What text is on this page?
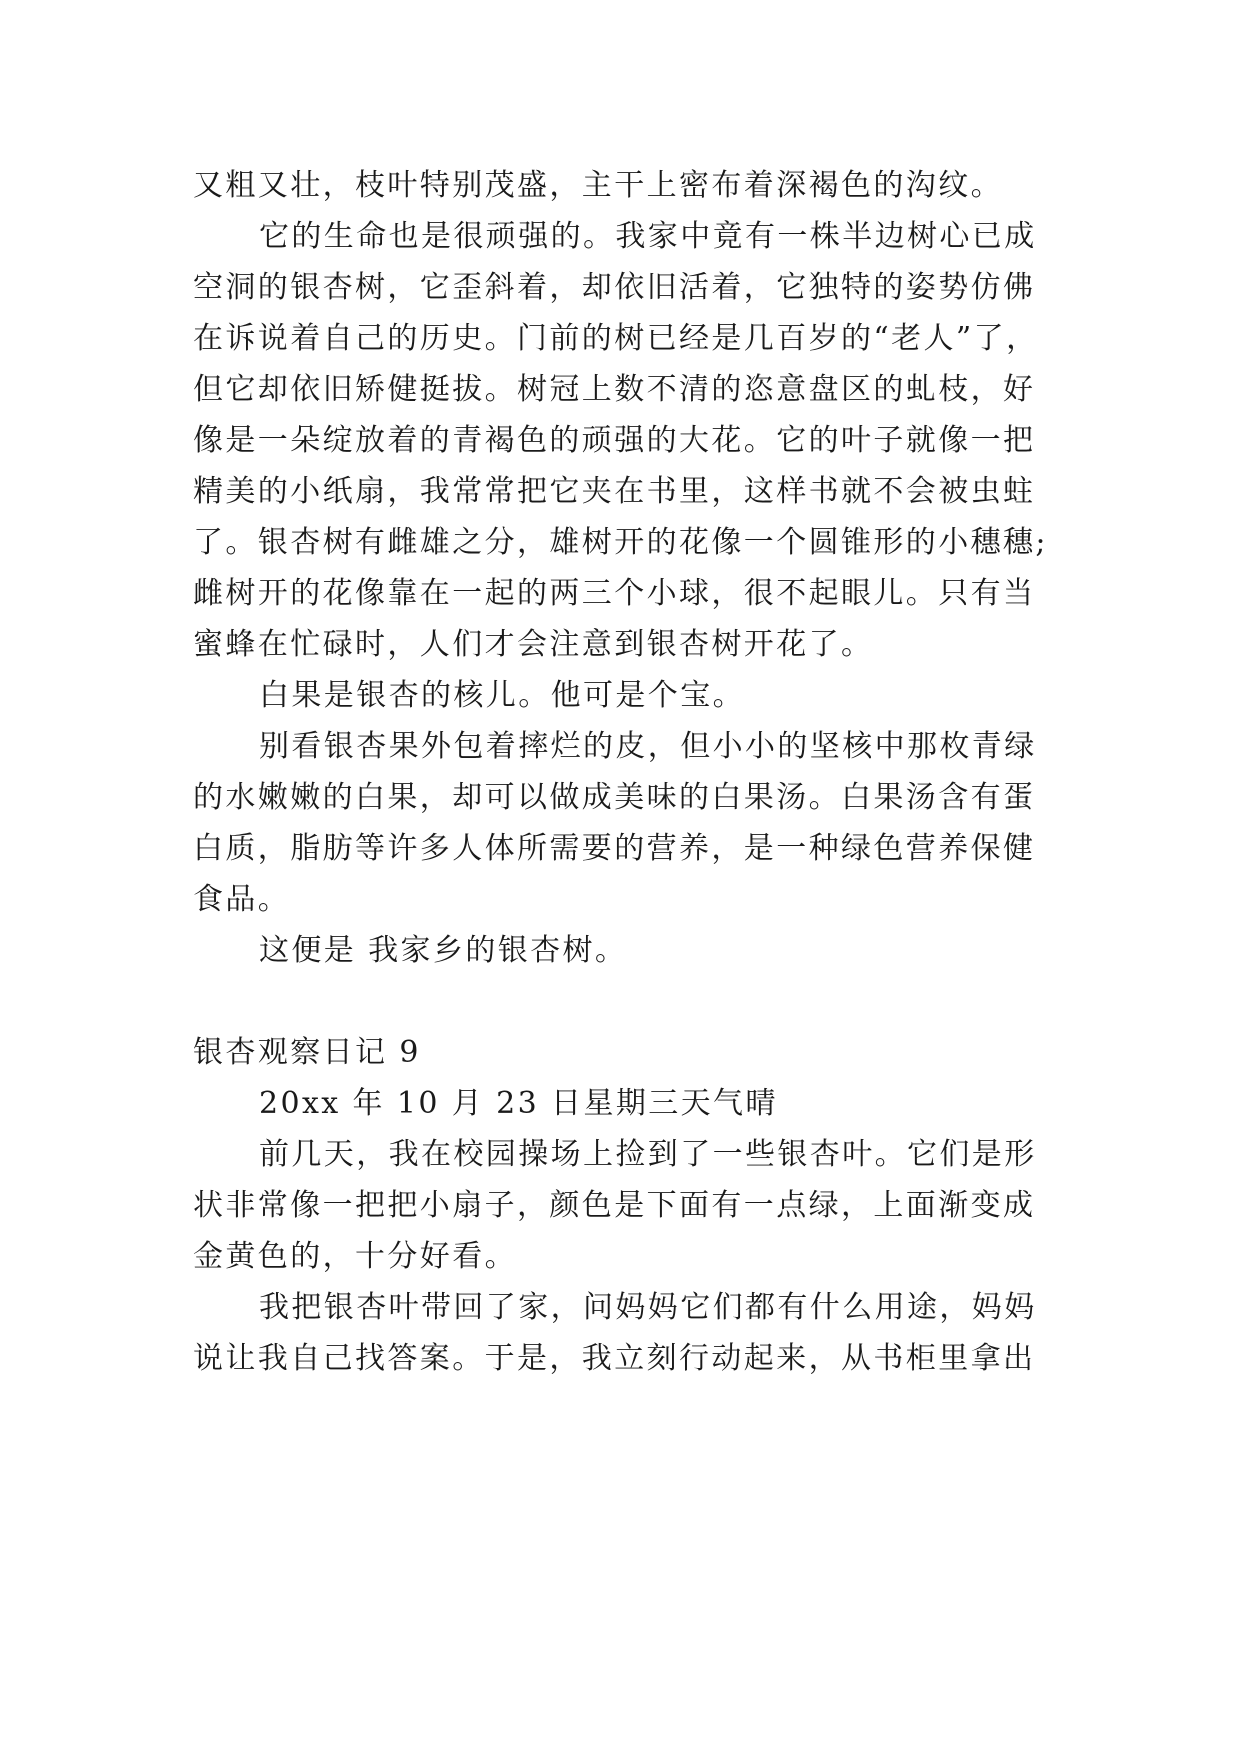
又粗又壮，枝叶特别茂盛，主干上密布着深褐色的沟纹。
它的生命也是很顽强的。我家中竟有一株半边树心已成
空洞的银杏树，它歪斜着，却依旧活着，它独特的姿势仿佛
在诉说着自己的历史。门前的树已经是几百岁的“老人”了，
但它却依旧矫健挺拔。树冠上数不清的恣意盘区的虬枝，好
像是一朵绽放着的青褐色的顽强的大花。它的叶子就像一把
精美的小纸扇，我常常把它夹在书里，这样书就不会被虫蛀
了。银杏树有雌雄之分，雄树开的花像一个圆锥形的小穗穗;
雌树开的花像靠在一起的两三个小球，很不起眼儿。只有当
蜜蜂在忙碌时，人们才会注意到银杏树开花了。
白果是银杏的核儿。他可是个宝。
别看银杏果外包着摔烂的皮，但小小的坚核中那枚青绿
的水嫩嫩的白果，却可以做成美味的白果汤。白果汤含有蛋
白质，脂肪等许多人体所需要的营养，是一种绿色营养保健
食品。
这便是 我家乡的银杏树。
银杏观察日记 9
20xx 年 10 月 23 日星期三天气晴
前几天，我在校园操场上捡到了一些银杏叶。它们是形
状非常像一把把小扇子，颜色是下面有一点绿，上面渐变成
金黄色的，十分好看。
我把银杏叶带回了家，问妈妈它们都有什么用途，妈妈
说让我自己找答案。于是，我立刻行动起来，从书柜里拿出
